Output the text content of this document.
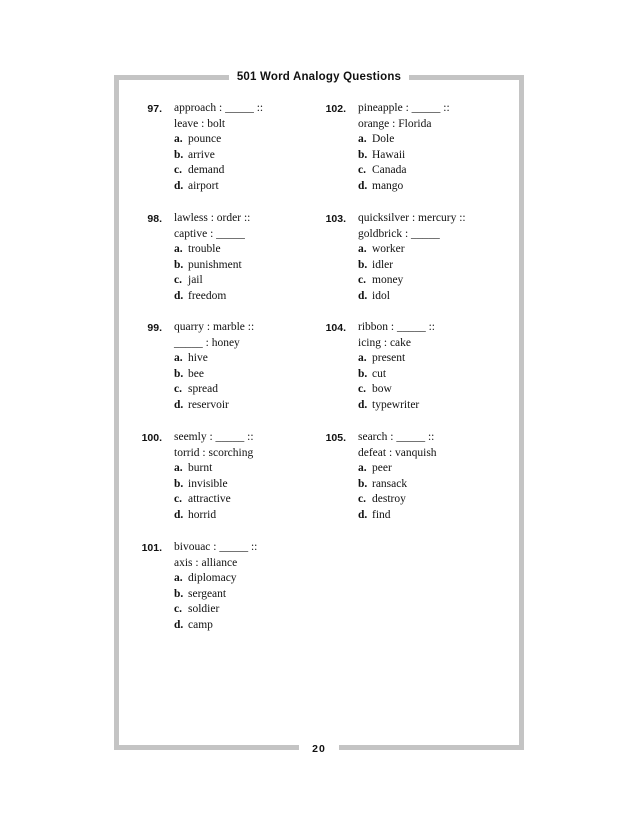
501 Word Analogy Questions
20
97. approach : _____ ::
leave : bolt
a. pounce
b. arrive
c. demand
d. airport
98. lawless : order ::
captive : _____
a. trouble
b. punishment
c. jail
d. freedom
99. quarry : marble ::
_____ : honey
a. hive
b. bee
c. spread
d. reservoir
100. seemly : _____ ::
torrid : scorching
a. burnt
b. invisible
c. attractive
d. horrid
101. bivouac : _____ ::
axis : alliance
a. diplomacy
b. sergeant
c. soldier
d. camp
102. pineapple : _____ ::
orange : Florida
a. Dole
b. Hawaii
c. Canada
d. mango
103. quicksilver : mercury ::
goldbrick : _____
a. worker
b. idler
c. money
d. idol
104. ribbon : _____ ::
icing : cake
a. present
b. cut
c. bow
d. typewriter
105. search : _____ ::
defeat : vanquish
a. peer
b. ransack
c. destroy
d. find
